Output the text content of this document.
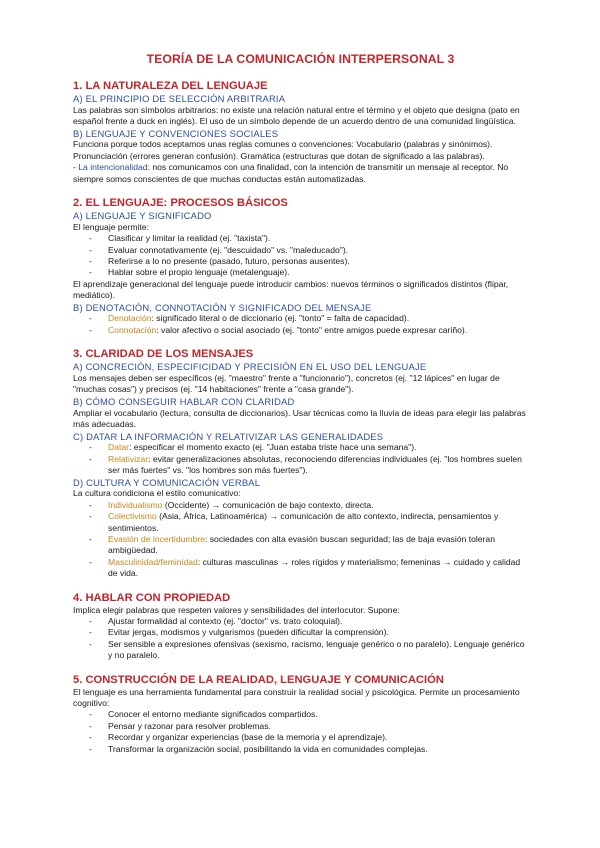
TEORÍA DE LA COMUNICACIÓN INTERPERSONAL 3
1. LA NATURALEZA DEL LENGUAJE
A) EL PRINCIPIO DE SELECCIÓN ARBITRARIA
Las palabras son símbolos arbitrarios: no existe una relación natural entre el término y el objeto que designa (pato en español frente a duck en inglés). El uso de un símbolo depende de un acuerdo dentro de una comunidad lingüística.
B) LENGUAJE Y CONVENCIONES SOCIALES
Funciona porque todos aceptamos unas reglas comunes o convenciones: Vocabulario (palabras y sinónimos). Pronunciación (errores generan confusión). Gramática (estructuras que dotan de significado a las palabras).
- La intencionalidad: nos comunicamos con una finalidad, con la intención de transmitir un mensaje al receptor. No siempre somos conscientes de que muchas conductas están automatizadas.
2. EL LENGUAJE: PROCESOS BÁSICOS
A) LENGUAJE Y SIGNIFICADO
El lenguaje permite:
- Clasificar y limitar la realidad (ej. "taxista").
- Evaluar connotativamente (ej. "descuidado" vs. "maleducado").
- Referirse a lo no presente (pasado, futuro, personas ausentes).
- Hablar sobre el propio lenguaje (metalenguaje).
El aprendizaje generacional del lenguaje puede introducir cambios: nuevos términos o significados distintos (flipar, mediático).
B) DENOTACIÓN, CONNOTACIÓN Y SIGNIFICADO DEL MENSAJE
- Denotación: significado literal o de diccionario (ej. "tonto" = falta de capacidad).
- Connotación: valor afectivo o social asociado (ej. "tonto" entre amigos puede expresar cariño).
3. CLARIDAD DE LOS MENSAJES
A) CONCRECIÓN, ESPECIFICIDAD Y PRECISIÓN EN EL USO DEL LENGUAJE
Los mensajes deben ser específicos (ej. "maestro" frente a "funcionario"), concretos (ej. "12 lápices" en lugar de "muchas cosas") y precisos (ej. "14 habitaciones" frente a "casa grande").
B) CÓMO CONSEGUIR HABLAR CON CLARIDAD
Ampliar el vocabulario (lectura, consulta de diccionarios). Usar técnicas como la lluvia de ideas para elegir las palabras más adecuadas.
C) DATAR LA INFORMACIÓN Y RELATIVIZAR LAS GENERALIDADES
- Datar: especificar el momento exacto (ej. "Juan estaba triste hace una semana").
- Relativizar: evitar generalizaciones absolutas, reconociendo diferencias individuales (ej. "los hombres suelen ser más fuertes" vs. "los hombres son más fuertes").
D) CULTURA Y COMUNICACIÓN VERBAL
La cultura condiciona el estilo comunicativo:
- Individualismo (Occidente) → comunicación de bajo contexto, directa.
- Colectivismo (Asia, África, Latinoamérica) → comunicación de alto contexto, indirecta, pensamientos y sentimientos.
- Evasión de incertidumbre: sociedades con alta evasión buscan seguridad; las de baja evasión toleran ambigüedad.
- Masculinidad/feminidad: culturas masculinas → roles rígidos y materialismo; femeninas → cuidado y calidad de vida.
4. HABLAR CON PROPIEDAD
Implica elegir palabras que respeten valores y sensibilidades del interlocutor. Supone:
- Ajustar formalidad al contexto (ej. "doctor" vs. trato coloquial).
- Evitar jergas, modismos y vulgarismos (pueden dificultar la comprensión).
- Ser sensible a expresiones ofensivas (sexismo, racismo, lenguaje genérico o no paralelo). Lenguaje genérico y no paralelo.
5. CONSTRUCCIÓN DE LA REALIDAD, LENGUAJE Y COMUNICACIÓN
El lenguaje es una herramienta fundamental para construir la realidad social y psicológica. Permite un procesamiento cognitivo:
- Conocer el entorno mediante significados compartidos.
- Pensar y razonar para resolver problemas.
- Recordar y organizar experiencias (base de la memoria y el aprendizaje).
- Transformar la organización social, posibilitando la vida en comunidades complejas.
